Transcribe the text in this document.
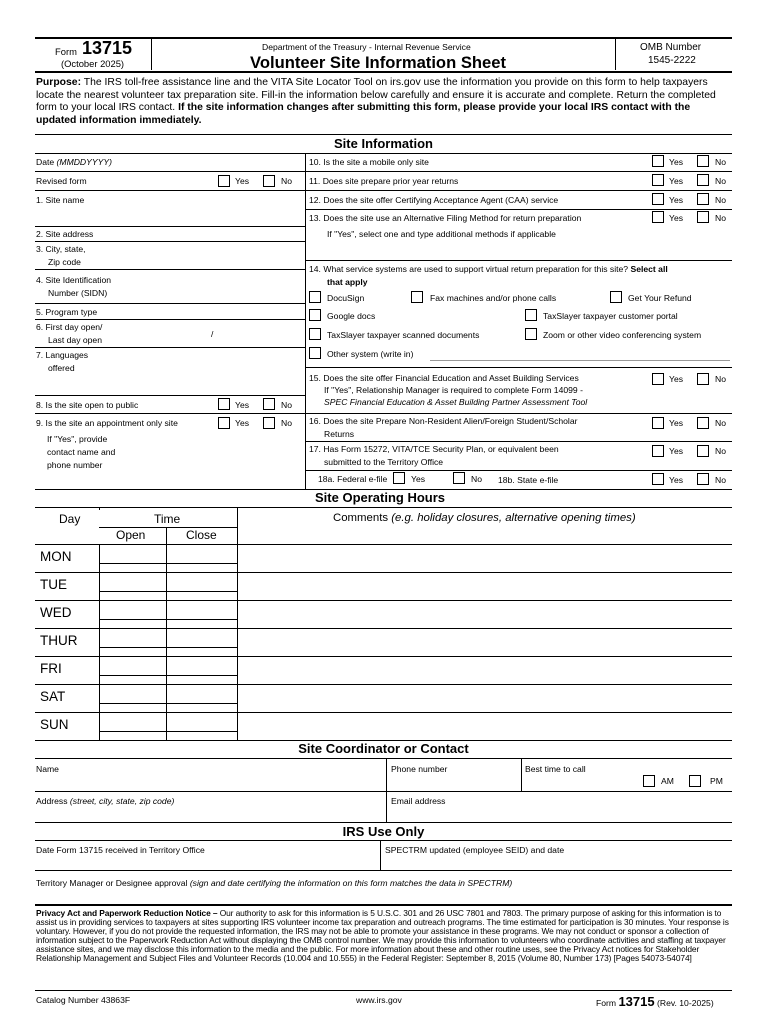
Form 13715
(October 2025)
Department of the Treasury - Internal Revenue Service
Volunteer Site Information Sheet
OMB Number
1545-2222
Purpose: The IRS toll-free assistance line and the VITA Site Locator Tool on irs.gov use the information you provide on this form to help taxpayers locate the nearest volunteer tax preparation site. Fill-in the information below carefully and ensure it is accurate and complete. Return the completed form to your local IRS contact. If the site information changes after submitting this form, please provide your local IRS contact with the updated information immediately.
Site Information
Date (MMDDYYYY)
Revised form	Yes	No
1. Site name
2. Site address
3. City, state,
Zip code
4. Site Identification
Number (SIDN)
5. Program type
6. First day open/
Last day open
/
7. Languages
offered
8. Is the site open to public	Yes	No
9. Is the site an appointment only site	Yes	No
If "Yes", provide
contact name and
phone number
10. Is the site a mobile only site	Yes	No
11. Does site prepare prior year returns	Yes	No
12. Does the site offer Certifying Acceptance Agent (CAA) service	Yes	No
13. Does the site use an Alternative Filing Method for return preparation	Yes	No
If "Yes", select one and type additional methods if applicable
14. What service systems are used to support virtual return preparation for this site? Select all
that apply
DocuSign	Fax machines and/or phone calls	Get Your Refund
Google docs	TaxSlayer taxpayer customer portal
TaxSlayer taxpayer scanned documents	Zoom or other video conferencing system
Other system (write in)
15. Does the site offer Financial Education and Asset Building Services	Yes	No
If "Yes", Relationship Manager is required to complete Form 14099 -
SPEC Financial Education & Asset Building Partner Assessment Tool
16. Does the site Prepare Non-Resident Alien/Foreign Student/Scholar
Returns
Yes	No
17. Has Form 15272, VITA/TCE Security Plan, or equivalent been
submitted to the Territory Office
Yes	No
18a. Federal e-file	Yes	No 18b. State e-file	Yes	No
Site Operating Hours
Day	Time
Open	Close
Comments (e.g. holiday closures, alternative opening times)
MON
TUE
WED
THUR
FRI
SAT
SUN
Site Coordinator or Contact
Name	Phone number	Best time to call
AM	PM
Address (street, city, state, zip code)	Email address
IRS Use Only
Date Form 13715 received in Territory Office	SPECTRM updated (employee SEID) and date
Territory Manager or Designee approval (sign and date certifying the information on this form matches the data in SPECTRM)
Privacy Act and Paperwork Reduction Notice – Our authority to ask for this information is 5 U.S.C. 301 and 26 USC 7801 and 7803. The primary purpose of asking for this information is to assist us in providing services to taxpayers at sites supporting IRS volunteer income tax preparation and outreach programs. The time estimated for participation is 30 minutes. Your response is voluntary. However, if you do not provide the requested information, the IRS may not be able to promote your assistance in these programs. We may not conduct or sponsor a collection of information subject to the Paperwork Reduction Act without displaying the OMB control number. We may provide this information to volunteers who coordinate activities and staffing at taxpayer assistance sites, and we may disclose this information to the media and the public. For more information about these and other routine uses, see the Privacy Act notices for Stakeholder Relationship Management and Subject Files and Volunteer Records (10.004 and 10.555) in the Federal Register: September 8, 2015 (Volume 80, Number 173) [Pages 54073-54074]
Catalog Number 43863F	www.irs.gov	Form 13715 (Rev. 10-2025)
